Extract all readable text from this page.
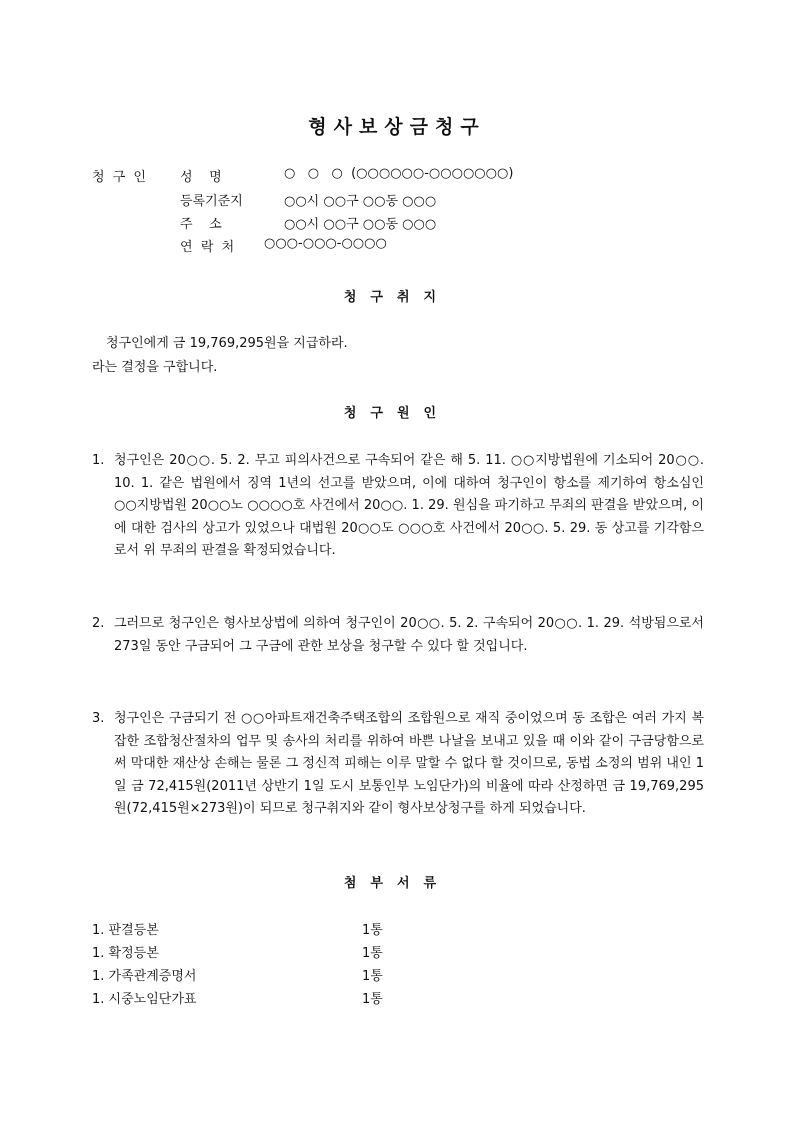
형사보상금청구
청 구 인 성    명	○   ○   ○  (○○○○○○-○○○○○○○)
등록기준지	○○시 ○○구 ○○동 ○○○
주    소	○○시 ○○구 ○○동 ○○○
연  락  처 ○○○-○○○-○○○○
청구취지
청구인에게 금 19,769,295원을 지급하라.
라는 결정을 구합니다.
청구원인
1. 청구인은 20○○. 5. 2. 무고 피의사건으로 구속되어 같은 해 5. 11. ○○지방법원에 기소되어 20○○. 10. 1. 같은 법원에서 징역 1년의 선고를 받았으며, 이에 대하여 청구인이 항소를 제기하여 항소심인 ○○지방법원 20○○노 ○○○○호 사건에서 20○○. 1. 29. 원심을 파기하고 무죄의 판결을 받았으며, 이에 대한 검사의 상고가 있었으나 대법원 20○○도 ○○○호 사건에서 20○○. 5. 29. 동 상고를 기각함으로서 위 무죄의 판결을 확정되었습니다.
2. 그러므로 청구인은 형사보상법에 의하여 청구인이 20○○. 5. 2. 구속되어 20○○. 1. 29. 석방됨으로서 273일 동안 구금되어 그 구금에 관한 보상을 청구할 수 있다 할 것입니다.
3. 청구인은 구금되기 전 ○○아파트재건축주택조합의 조합원으로 재직 중이었으며 동 조합은 여러 가지 복잡한 조합청산절차의 업무 및 송사의 처리를 위하여 바쁜 나날을 보내고 있을 때 이와 같이 구금당함으로써 막대한 재산상 손해는 물론 그 정신적 피해는 이루 말할 수 없다 할 것이므로, 동법 소정의 범위 내인 1일 금 72,415원(2011년 상반기 1일 도시 보통인부 노임단가)의 비율에 따라 산정하면 금 19,769,295원(72,415원×273원)이 되므로 청구취지와 같이 형사보상청구를 하게 되었습니다.
첨부서류
1. 판결등본	1통
1. 확정등본	1통
1. 가족관계증명서	1통
1. 시중노임단가표	1통
